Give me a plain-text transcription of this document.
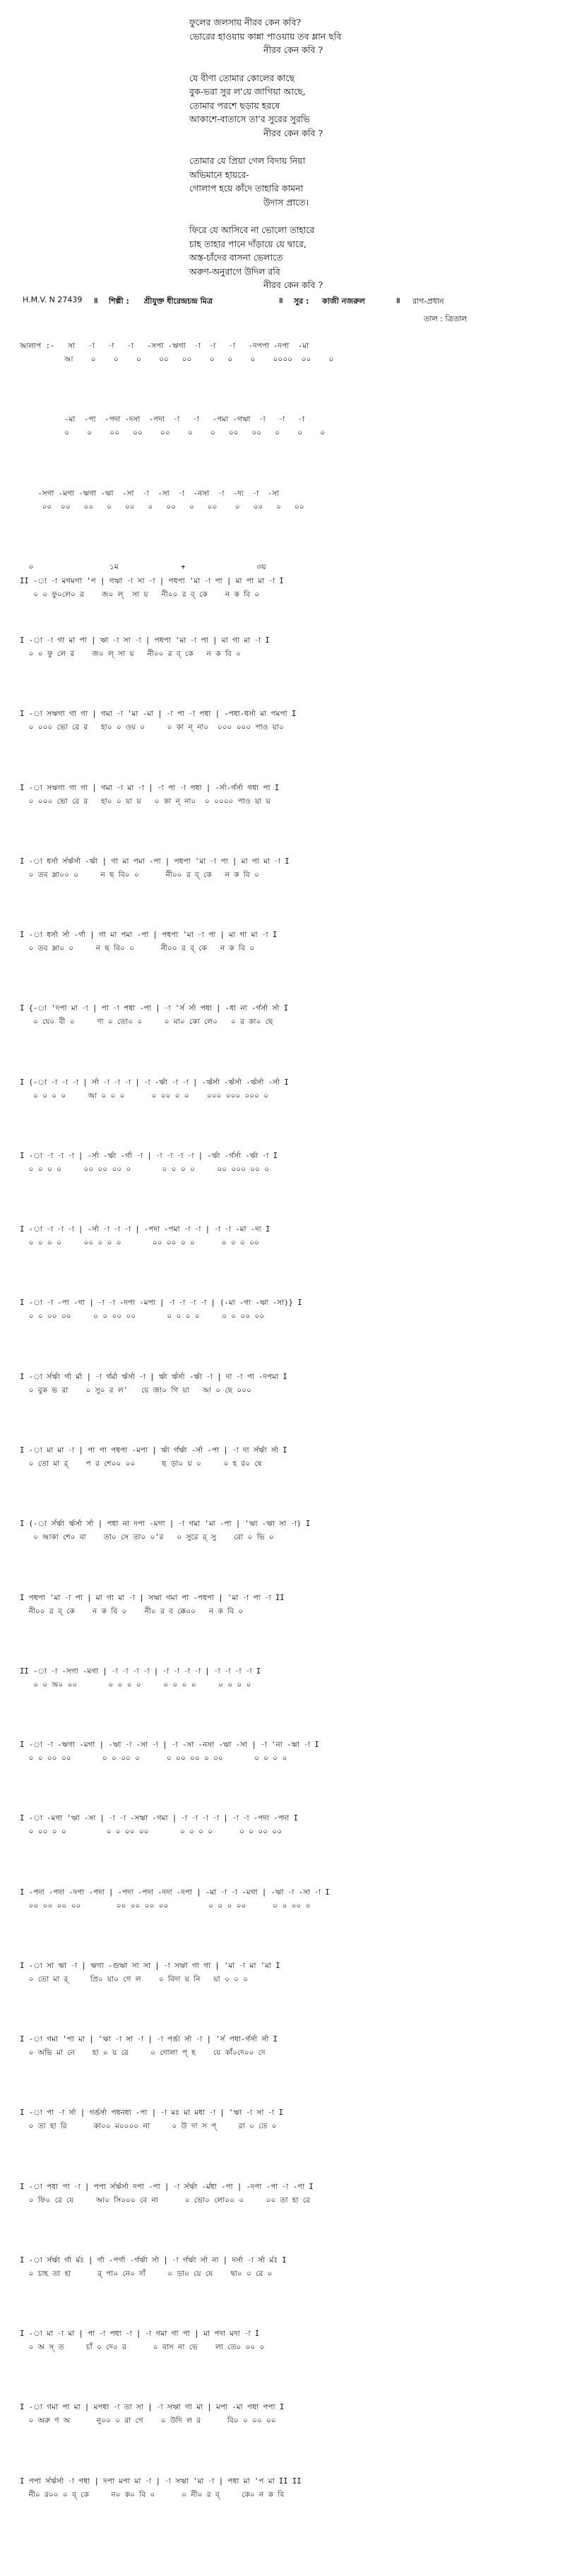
ফুলের জলসায় নীরব কেন কবি?
ভোরের হাওয়ায় কান্না পাওয়ায় তব ম্লান ছবি
নীরব কেন কবি ?
যে বীণা তোমার কোলের কাছে
বুক-ভরা সুর ল'য়ে জাগিয়া আছে,
তোমার পরশে ছড়ায় হরষে
আকাশে-বাতাসে তা'র সুরের সুরভি
নীরব কেন কবি ?
তোমার যে প্রিয়া গেল বিদায় নিয়া
অভিমানে হায়রে-
গোলাপ হয়ে কাঁদে তাহারি কামনা
উদাস প্রাতে।
ফিরে যে আসিবে না ভোলো তাহারে
চাহ তাহার পানে দাঁড়ায়ে যে দ্বারে,
অস্ত-চাঁদের বাসনা ভেলাতে
অরুণ-অনুরাগে উদিল রবি
নীরব কেন কবি ?
H.M.V. N 27439 ॥ শিল্পী : শ্রীযুক্ত ধীরেন্দ্রচন্দ্র মিত্র	॥ সুর : কাজী নজরুল	॥ রাগ-প্রধান
তাল : ত্রিতাল
আলাপ :-   সা   -া   -া   -া   -সপা -ঋগা  -া  -া   -া   -দপপা -দপা  -মা
আ    ০    ০    ০    ০০   ০০    ০   ০    ০    ০০০০  ০০    ০
-মা  -পা  -পদা -দসা  -পদা  -া   -া   -পমা -গঋা  -া   -া   -া
০    ০    ০০   ০০    ০০    ০    ০   ০০   ০০   ০    ০    ০
-সগা -মগা -ঋগা -ঋা  -সা  -া  -সা  -া  -নসা  -া  -দ্য  -া  -সা
০০  ০০   ০০   ০   ০০   ০   ০০   ০   ০০    ০   ০০   ০   ০০
০                 ১ম              +                ৩য়
II -া -া মগমগা 'প | গঋা -া সা -া | পধপা 'মা -া পা | মা পা মা -া I
০ ০ ফু০লে০ র    জ০ ল্  সা য়   নী০০ র ব্ কে    ন ক বি ০
I -া -া গা মা পা | ঋা -া সা -া | পধপা 'মা -া পা | মা গা মা -া I
০ ০ ফু লে র    জ০ ল্ সা য়   নী০০ র ব্ কে   ন ক বি ০
I -া সঋগা গা গা | গমা -া 'মা -মা | -া পা -া পধা | -পধা-ধর্সা মা পমপা I
০ ০০০ ভো রে র   হা০ ০ ওয় ০     ০ কা ন্ না০  ০০০ ০০০ পাও য়া০
I -া সঋগা গা গা | গমা -া মা -া | -া পা -া পধা | -র্সা-র্গর্সা গধা পা I
০ ০০০ ভো রে র   হা০ ০ য়া য়   ০ কা ন্ না০  ০ ০০০০ পাও য়া য়
I -া ধর্সা র্সর্ঋর্সা -র্ঋা | গা মা পমা -পা | পধপা 'মা -া পা | মা গা মা -া I
০ তব ম্লা০০ ০     ন ছ বি০ ০      নী০০ র ব্ কে   ন ক বি ০
I -া ধর্সা র্সা -র্গা | গা মা পমা -পা | পধপা 'মা -া পা | মা গা মা -া I
০ তব ম্লা০ ০     ন ছ বি০ ০      নী০০ র ব্ কে   ন ক বি ০
I {-া 'দপা মা -া | পা -া পধা -পা | -া 'র্স র্সা পধা | -ধা না -র্গর্সা র্সা I
০ যে০ বী ০     ণা ০ তো০ ০     ০ মা০ কো লে০   ০ র কা০ ছে
I (-া -া -া -া | র্সা -া -া -া | -া -র্ঋা -া -া | -র্ঋর্সা -র্ঋর্সা -র্ঋর্সা -র্সা I
০ ০ ০ ০     আ ০ ০ ০      ০ ০০ ০ ০    ০০০ ০০০ ০০০ ০
I -া -া -া -া | -র্সা -র্ঋা -র্গা -া | -া -া -া -া | -র্ঋা -র্গর্সা -র্ঋা -া I
০ ০ ০ ০     ০০ ০০ ০০ ০       ০ ০ ০ ০     ০০ ০০০ ০০ ০
I -া -া -া -া | -র্সা -া -া -া | -পদা -পমা -া -া | -া -া -মা -দ্য I
০ ০ ০ ০     ০০ ০ ০ ০       ০০ ০০ ০ ০      ০ ০ ০ ০০
I -া -া -পা -গা | -া -া -দপা -মপা | -া -া -া -া | (-মা -গা -ঋা -সা)} I
০ ০ ০০ ০০     ০ ০ ০০ ০০       ০ ০ ০ ০     ০ ০ ০০ ০০
I -া র্সর্ঋা র্গা র্মা | -া র্গর্মা র্ঋর্সা -া | র্ঋা র্ঋর্সা -র্ঋা -া | দা -া পা -দপমা I
০ বুক ভ রা    ০ সু০ র ল'   য়ে জা০ গি য়া   আ ০ ছে ০০০
I -া মা মা -া | পা পা পধপা -মপা | র্ঋা র্গর্ঋা -র্সা -পা | -া দা র্সর্ঋা র্সা I
০ তো মা র্    প র শে০০ ০০      ছ ড়া০ য় ০     ০ হ র০ ষে
I (-া র্সর্ঋা র্ঋর্সা র্সা | পধা না দপা -মগা | -া গমা 'মা -পা | 'ঋা -ঋা সা -া) I
০ আকা শে০ বা    তা০ সে তা০ ০'র   ০ সুরে র্ সু    রো ০ ভি ০
I পধপা 'মা -া পা | মা গা মা -া | সঋা গমা পা -পধপা | 'মা -া পা -া II
নী০০ র ব্ কে    ন ক বি ০    নী০ র ব ক্কে০০   ন ক বি ০
II -া -া -সগা -মগা | -া -া -া -া | -া -া -া -া | -া -া -া -া I
০ ০ অ০ ০০       ০ ০ ০ ০     ০ ০ ০ ০     ০ ০ ০ ০
I -া -া -ঋগা -মগা | -ঋা -া -সা -া | -া -সা -নসা -ঋা -সা | -া 'না -ঋা -া I
০ ০ ০০ ০০       ০ ০ ০০ ০      ০ ০০ ০০ ০ ০০       ০ ০ ০ ০
I -া -মগা 'ঋা -সা | -া -া -সঋা -গমা | -া -া -া -া | -া -া -পদা -পদা I
০ ০০ ০ ০         ০ ০ ০০ ০০       ০ ০ ০ ০      ০ ০ ০০ ০০
I -পদা -পদা -দপা -পদা | -পদা -পদা -দদা -দপা | -মা -া -া -মগা | -ঋা -া -সা -া I
০০ ০০ ০০ ০০        ০০ ০০ ০০ ০০         ০ ০ ০ ০০      ০ ০ ০০ ০
I -া সা ঋা -া | ঋগা -গুঋা সা সা | -া সঋা গা গা | 'মা -া মা 'মা I
০ তো মা র্     প্রি০ য়া০ গে ল    ০ বিদা য় নি   য়া ০ ০ ০
I -া গমা 'পা মা | 'ঋা -া সা -া | -া পর্ঙা র্সা -া | 'র্স পধা-র্গর্সা র্সা I
০ অভি মা নে    হা ০ য় রে     ০ গোলা প্ হ    য়ে কাঁ০দে০০ দে
I -া পা -া র্সা | গর্ঙর্সা পধনধা -পা | -া মঃ মা মধা -া | 'ঋা -া সা -া I
০ তা হা রি      কা০০ ম০০০০ না     ০ উ দা স প্     রা ০ তে ০
I -া পধা পা -া | পপা র্সর্ঋর্সা দপা -পা | -া র্সর্ঋা -র্মধা -পা | -দপা -পা -া -পা I
০ ফি০ রে যে     আ০ সি০০০ বে না      ০ ভো০ লো০০ ০     ০০ তা হা রে
I -া র্সর্ঋা র্গা র্মঃ | র্গা -পর্গা -র্গর্ঋা র্সা | -া র্গর্ঋা র্সা না | দর্সা -া র্সা র্মঃ I
০ চাহ তা হা      র্ পা০ নে০ দাঁ     ০ ড়া০ য়ে যে    দ্বা০ ০ রে ০
I -া মা -া মা | পা -া পধা -া | -া গমা গা পা | মা পদা মদা -া I
০ অ স্ ত     চাঁ ০ দে০ র      ০ বাস না ভে    লা তে০ ০০ ০
I -া গমা পা মা | মপধা -া তা সা | -া সঋা গা মা | মপা -মা পধা পপা I
০ অরু ণ অ      নু০০ ০ রা গে    ০ উদি ল র      বি০ ০ ০০ ০০
I পপা র্সর্ঋর্সা -া পধা | দপা মপা মা -া | -া সঋা 'মা -া | পধা মা 'প মা II II
নী০ র০০ ০ ব্ কে     ন০ ক০ বি ০      ০ নী০ র ব্     কে০ ন ক বি
